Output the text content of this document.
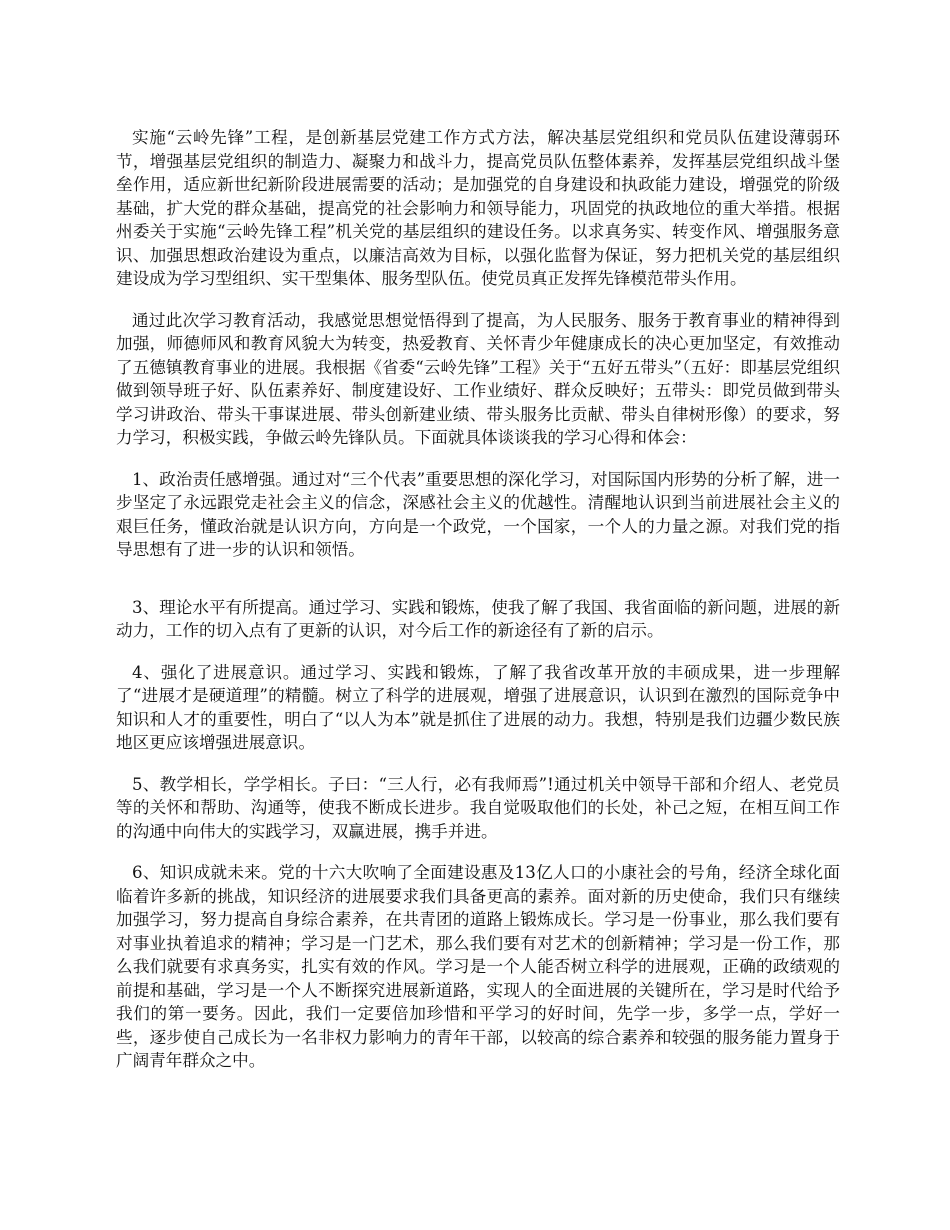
实施“云岭先锋”工程，是创新基层党建工作方式方法，解决基层党组织和党员队伍建设薄弱环节，增强基层党组织的制造力、凝聚力和战斗力，提高党员队伍整体素养，发挥基层党组织战斗堡垒作用，适应新世纪新阶段进展需要的活动；是加强党的自身建设和执政能力建设，增强党的阶级基础，扩大党的群众基础，提高党的社会影响力和领导能力，巩固党的执政地位的重大举措。根据州委关于实施“云岭先锋工程”机关党的基层组织的建设任务。以求真务实、转变作风、增强服务意识、加强思想政治建设为重点，以廉洁高效为目标，以强化监督为保证，努力把机关党的基层组织建设成为学习型组织、实干型集体、服务型队伍。使党员真正发挥先锋模范带头作用。

通过此次学习教育活动，我感觉思想觉悟得到了提高，为人民服务、服务于教育事业的精神得到加强，师德师风和教育风貌大为转变，热爱教育、关怀青少年健康成长的决心更加坚定，有效推动了五德镇教育事业的进展。我根据《省委“云岭先锋”工程》关于“五好五带头”（五好：即基层党组织做到领导班子好、队伍素养好、制度建设好、工作业绩好、群众反映好；五带头：即党员做到带头学习讲政治、带头干事谋进展、带头创新建业绩、带头服务比贡献、带头自律树形像）的要求，努力学习，积极实践，争做云岭先锋队员。下面就具体谈谈我的学习心得和体会：

1、政治责任感增强。通过对“三个代表”重要思想的深化学习，对国际国内形势的分析了解，进一步坚定了永远跟党走社会主义的信念，深感社会主义的优越性。清醒地认识到当前进展社会主义的艰巨任务，懂政治就是认识方向，方向是一个政党，一个国家，一个人的力量之源。对我们党的指导思想有了进一步的认识和领悟。

3、理论水平有所提高。通过学习、实践和锻炼，使我了解了我国、我省面临的新问题，进展的新动力，工作的切入点有了更新的认识，对今后工作的新途径有了新的启示。

4、强化了进展意识。通过学习、实践和锻炼，了解了我省改革开放的丰硕成果，进一步理解了“进展才是硬道理”的精髓。树立了科学的进展观，增强了进展意识，认识到在激烈的国际竞争中知识和人才的重要性，明白了“以人为本”就是抓住了进展的动力。我想，特别是我们边疆少数民族地区更应该增强进展意识。

5、教学相长，学学相长。子曰：“三人行，必有我师焉”!通过机关中领导干部和介绍人、老党员等的关怀和帮助、沟通等，使我不断成长进步。我自觉吸取他们的长处，补己之短，在相互间工作的沟通中向伟大的实践学习，双赢进展，携手并进。

6、知识成就未来。党的十六大吹响了全面建设惠及13亿人口的小康社会的号角，经济全球化面临着许多新的挑战，知识经济的进展要求我们具备更高的素养。面对新的历史使命，我们只有继续加强学习，努力提高自身综合素养，在共青团的道路上锻炼成长。学习是一份事业，那么我们要有对事业执着追求的精神；学习是一门艺术，那么我们要有对艺术的创新精神；学习是一份工作，那么我们就要有求真务实，扎实有效的作风。学习是一个人能否树立科学的进展观，正确的政绩观的前提和基础，学习是一个人不断探究进展新道路，实现人的全面进展的关键所在，学习是时代给予我们的第一要务。因此，我们一定要倍加珍惜和平学习的好时间，先学一步，多学一点，学好一些，逐步使自己成长为一名非权力影响力的青年干部，以较高的综合素养和较强的服务能力置身于广阔青年群众之中。
